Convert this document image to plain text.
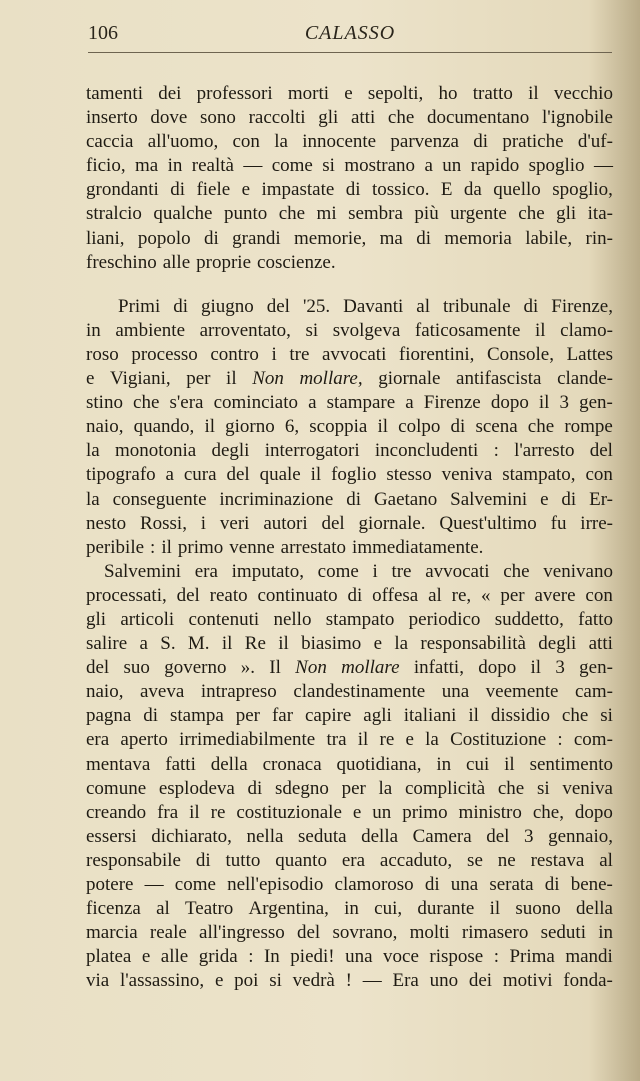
106	CALASSO
tamenti dei professori morti e sepolti, ho tratto il vecchio
inserto dove sono raccolti gli atti che documentano l'ignobile
caccia all'uomo, con la innocente parvenza di pratiche d'uf-
ficio, ma in realtà — come si mostrano a un rapido spoglio —
grondanti di fiele e impastate di tossico. E da quello spoglio,
stralcio qualche punto che mi sembra più urgente che gli ita-
liani, popolo di grandi memorie, ma di memoria labile, rin-
freschino alle proprie coscienze.
Primi di giugno del '25. Davanti al tribunale di Firenze,
in ambiente arroventato, si svolgeva faticosamente il clamo-
roso processo contro i tre avvocati fiorentini, Console, Lattes
e Vigiani, per il Non mollare, giornale antifascista clande-
stino che s'era cominciato a stampare a Firenze dopo il 3 gen-
naio, quando, il giorno 6, scoppia il colpo di scena che rompe
la monotonia degli interrogatori inconcludenti : l'arresto del
tipografo a cura del quale il foglio stesso veniva stampato, con
la conseguente incriminazione di Gaetano Salvemini e di Er-
nesto Rossi, i veri autori del giornale. Quest'ultimo fu irre-
peribile : il primo venne arrestato immediatamente.
Salvemini era imputato, come i tre avvocati che venivano
processati, del reato continuato di offesa al re, « per avere con
gli articoli contenuti nello stampato periodico suddetto, fatto
salire a S. M. il Re il biasimo e la responsabilità degli atti
del suo governo ». Il Non mollare infatti, dopo il 3 gen-
naio, aveva intrapreso clandestinamente una veemente cam-
pagna di stampa per far capire agli italiani il dissidio che si
era aperto irrimediabilmente tra il re e la Costituzione : com-
mentava fatti della cronaca quotidiana, in cui il sentimento
comune esplodeva di sdegno per la complicità che si veniva
creando fra il re costituzionale e un primo ministro che, dopo
essersi dichiarato, nella seduta della Camera del 3 gennaio,
responsabile di tutto quanto era accaduto, se ne restava al
potere — come nell'episodio clamoroso di una serata di bene-
ficenza al Teatro Argentina, in cui, durante il suono della
marcia reale all'ingresso del sovrano, molti rimasero seduti in
platea e alle grida : In piedi! una voce rispose : Prima mandi
via l'assassino, e poi si vedrà ! — Era uno dei motivi fonda-
